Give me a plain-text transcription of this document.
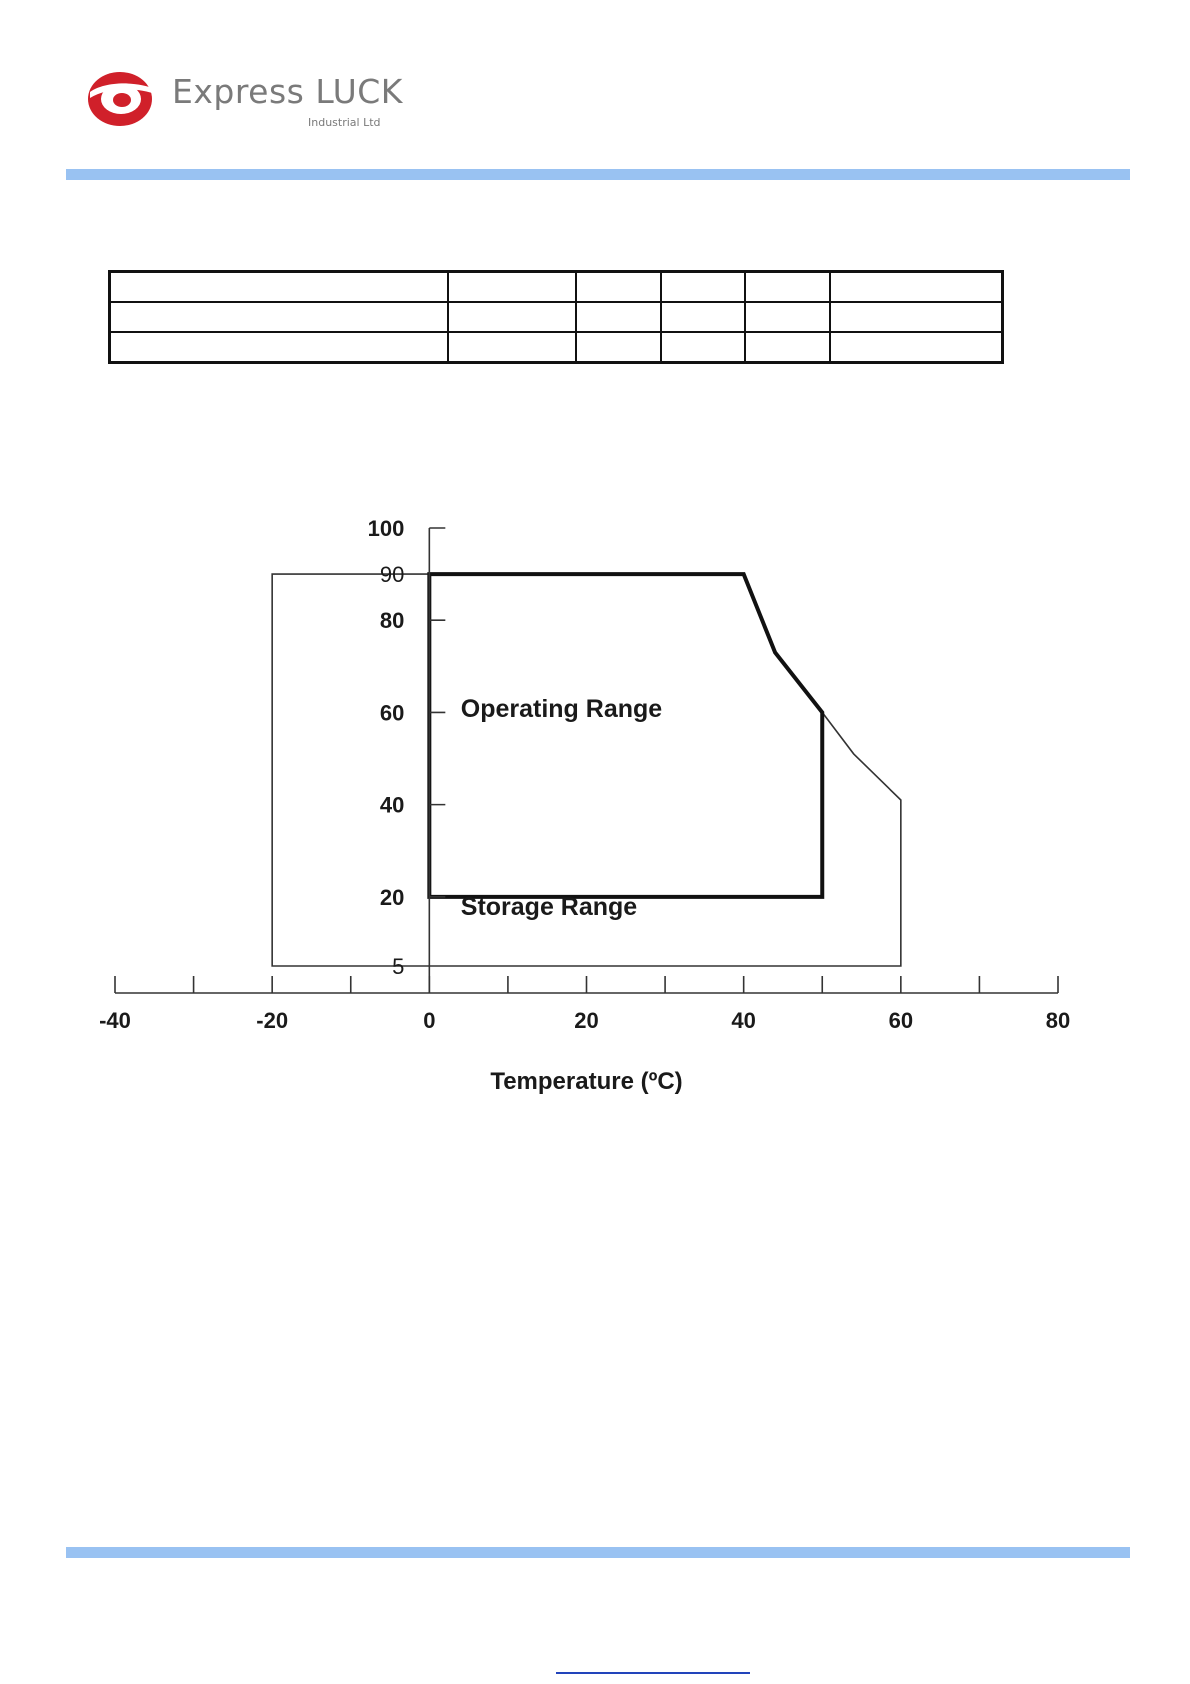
Express LUCK
Industrial Ltd

100
90
80
60
40
20
5
-40	-20	0	20	40	60	80
Temperature (ºC)
Operating Range
Storage Range
